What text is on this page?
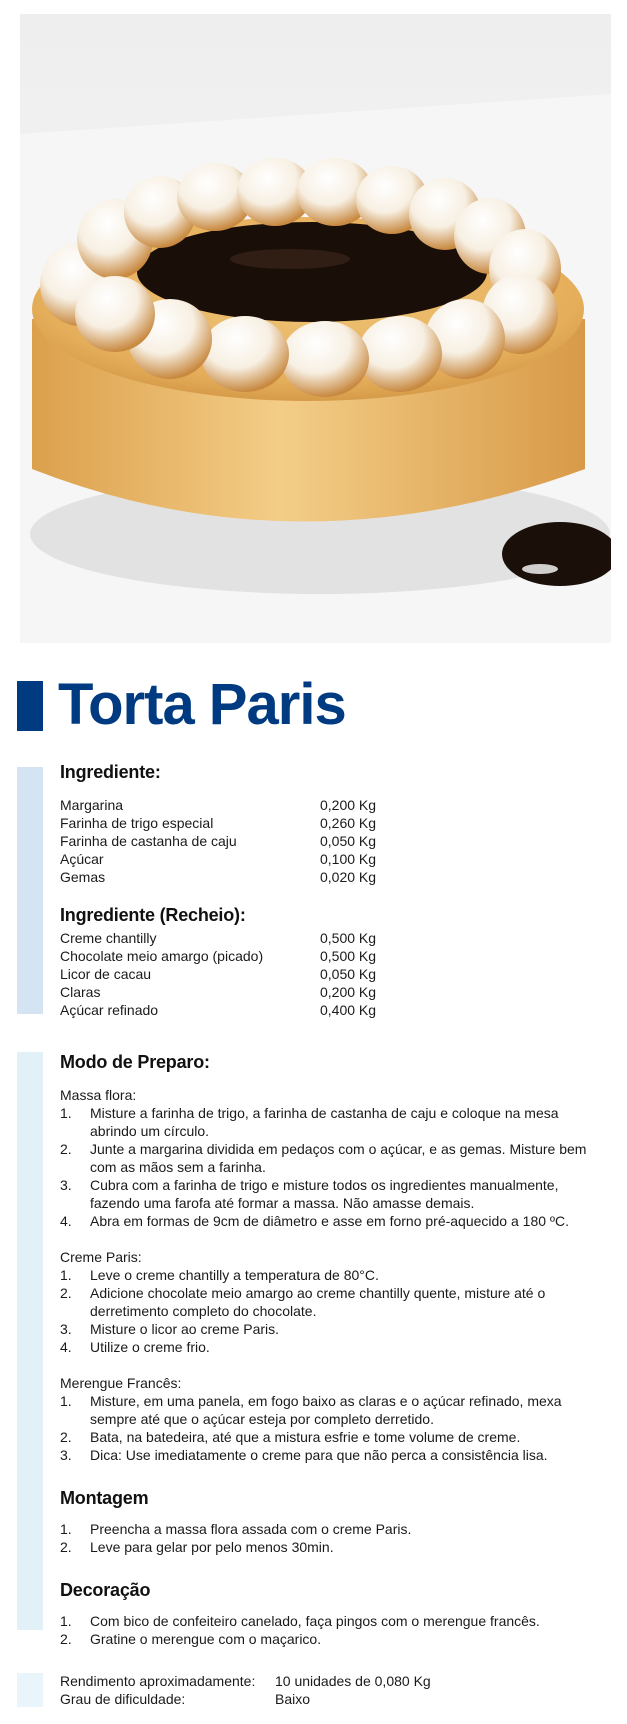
Torta Paris
Ingrediente:
Margarina	0,200 Kg
Farinha de trigo especial	0,260 Kg
Farinha de castanha de caju	0,050 Kg
Açúcar	0,100 Kg
Gemas	0,020 Kg
Ingrediente (Recheio):
Creme chantilly	0,500 Kg
Chocolate meio amargo (picado)	0,500 Kg
Licor de cacau	0,050 Kg
Claras	0,200 Kg
Açúcar refinado	0,400 Kg
Modo de Preparo:
Massa flora:
1.	Misture a farinha de trigo, a farinha de castanha de caju e coloque na mesa abrindo um círculo.
2.	Junte a margarina dividida em pedaços com o açúcar, e as gemas. Misture bem com as mãos sem a farinha.
3.	Cubra com a farinha de trigo e misture todos os ingredientes manualmente, fazendo uma farofa até formar a massa. Não amasse demais.
4.	Abra em formas de 9cm de diâmetro e asse em forno pré-aquecido a 180 ºC.
Creme Paris:
1.	Leve o creme chantilly a temperatura de 80°C.
2.	Adicione chocolate meio amargo ao creme chantilly quente, misture até o derretimento completo do chocolate.
3.	Misture o licor ao creme Paris.
4.	Utilize o creme frio.
Merengue Francês:
1.	Misture, em uma panela, em fogo baixo as claras e o açúcar refinado, mexa sempre até que o açúcar esteja por completo derretido.
2.	Bata, na batedeira, até que a mistura esfrie e tome volume de creme.
3.	Dica: Use imediatamente o creme para que não perca a consistência lisa.
Montagem
1.	Preencha a massa flora assada com o creme Paris.
2.	Leve para gelar por pelo menos 30min.
Decoração
1.	Com bico de confeiteiro canelado, faça pingos com o merengue francês.
2.	Gratine o merengue com o maçarico.
Rendimento aproximadamente:	10 unidades de 0,080 Kg
Grau de dificuldade:	Baixo
